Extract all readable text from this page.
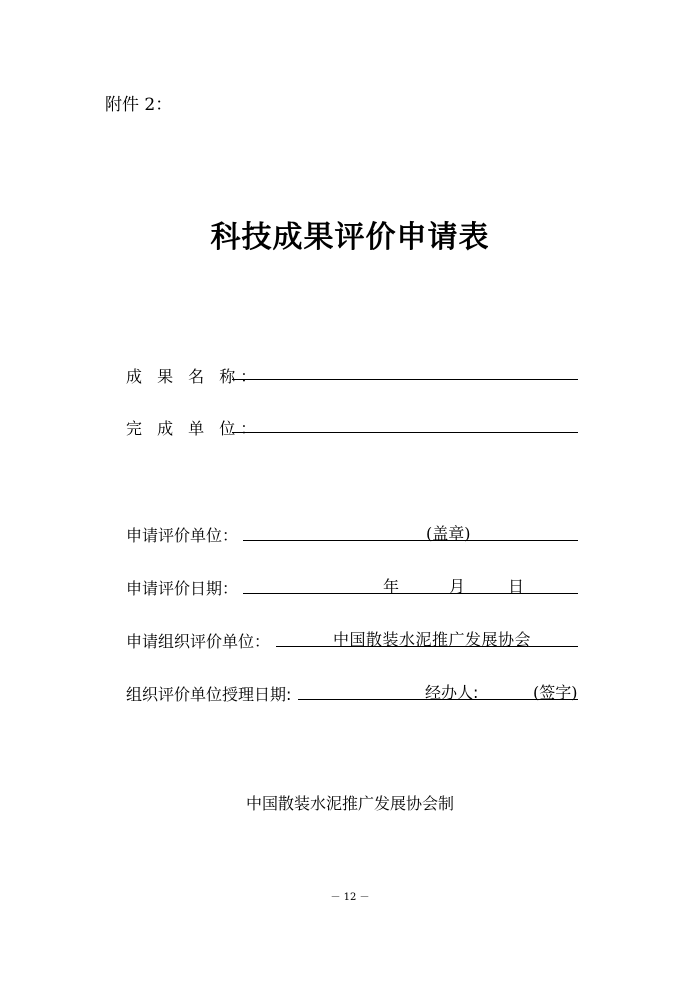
附件 2：
科技成果评价申请表
成 果 名 称：
完 成 单 位：
申请评价单位：	(盖章)
申请评价日期：	年	月	日
申请组织评价单位：	中国散装水泥推广发展协会
组织评价单位授理日期:	经办人:	(签字)
中国散装水泥推广发展协会制
－ 12 －
